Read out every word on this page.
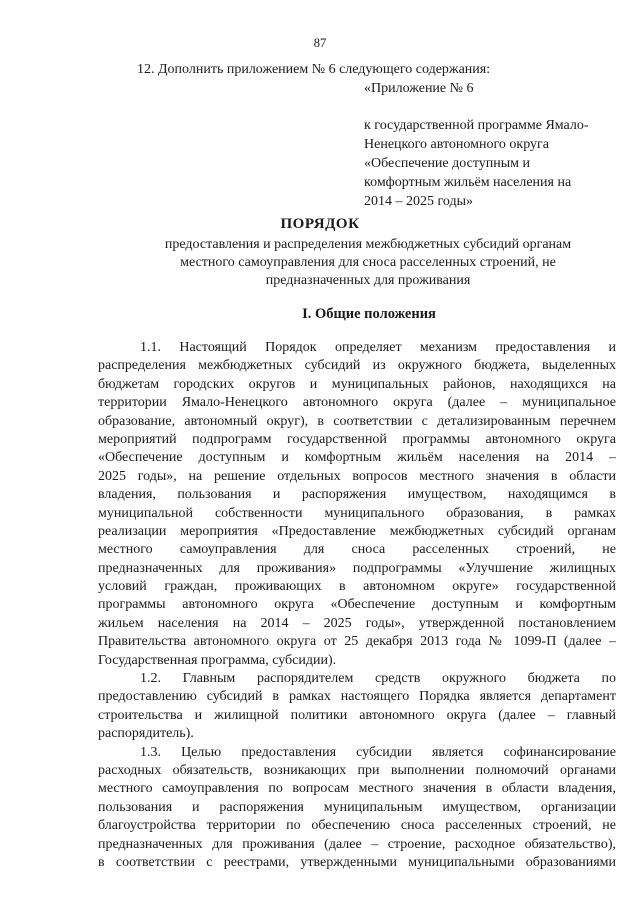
87
12. Дополнить приложением № 6 следующего содержания:
«Приложение № 6
к государственной программе Ямало-
Ненецкого автономного округа
«Обеспечение доступным и
комфортным жильём населения на
2014 – 2025 годы»
ПОРЯДОК
предоставления и распределения межбюджетных субсидий органам
местного самоуправления для сноса расселенных строений, не
предназначенных для проживания
I. Общие положения
1.1. Настоящий Порядок определяет механизм предоставления и
распределения межбюджетных субсидий из окружного бюджета, выделенных
бюджетам городских округов и муниципальных районов, находящихся на
территории Ямало-Ненецкого автономного округа (далее – муниципальное
образование, автономный округ), в соответствии с детализированным перечнем
мероприятий подпрограмм государственной программы автономного округа
«Обеспечение доступным и комфортным жильём населения на 2014 –
2025 годы», на решение отдельных вопросов местного значения в области
владения, пользования и распоряжения имуществом, находящимся в
муниципальной собственности муниципального образования, в рамках
реализации мероприятия «Предоставление межбюджетных субсидий органам
местного самоуправления для сноса расселенных строений, не
предназначенных для проживания» подпрограммы «Улучшение жилищных
условий граждан, проживающих в автономном округе» государственной
программы автономного округа «Обеспечение доступным и комфортным
жильем населения на 2014 – 2025 годы», утвержденной постановлением
Правительства автономного округа от 25 декабря 2013 года № 1099-П (далее –
Государственная программа, субсидии).
1.2. Главным распорядителем средств окружного бюджета по
предоставлению субсидий в рамках настоящего Порядка является департамент
строительства и жилищной политики автономного округа (далее – главный
распорядитель).
1.3. Целью предоставления субсидии является софинансирование
расходных обязательств, возникающих при выполнении полномочий органами
местного самоуправления по вопросам местного значения в области владения,
пользования и распоряжения муниципальным имуществом, организации
благоустройства территории по обеспечению сноса расселенных строений, не
предназначенных для проживания (далее – строение, расходное обязательство),
в соответствии с реестрами, утвержденными муниципальными образованиями
